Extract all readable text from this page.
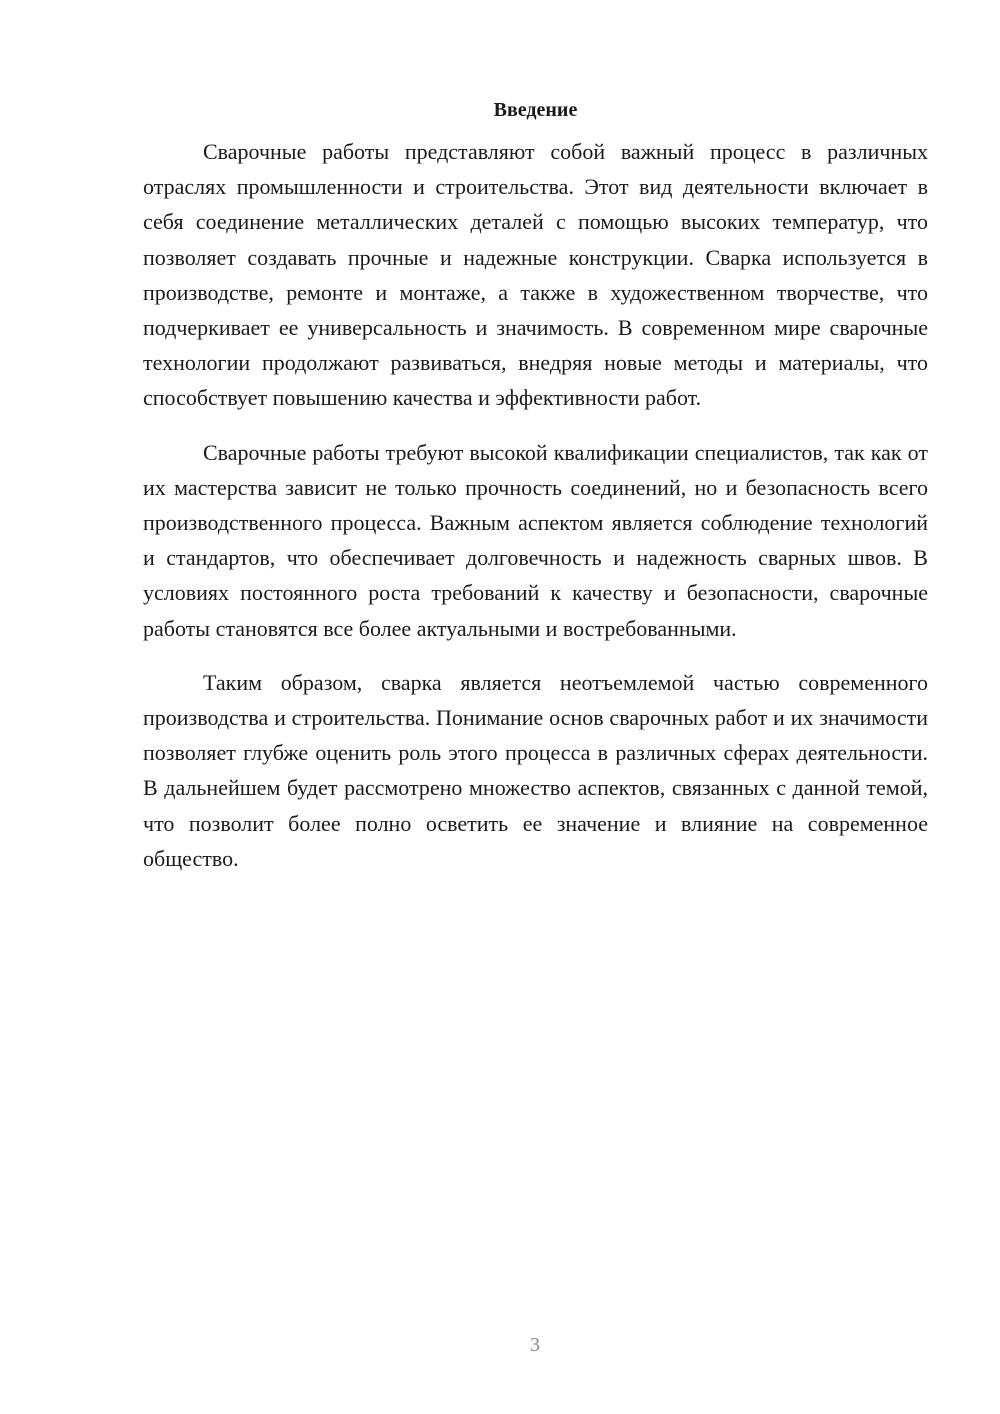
Введение

Сварочные работы представляют собой важный процесс в различных отраслях промышленности и строительства. Этот вид деятельности включает в себя соединение металлических деталей с помощью высоких температур, что позволяет создавать прочные и надежные конструкции. Сварка используется в производстве, ремонте и монтаже, а также в художественном творчестве, что подчеркивает ее универсальность и значимость. В современном мире сварочные технологии продолжают развиваться, внедряя новые методы и материалы, что способствует повышению качества и эффективности работ.

Сварочные работы требуют высокой квалификации специалистов, так как от их мастерства зависит не только прочность соединений, но и безопасность всего производственного процесса. Важным аспектом является соблюдение технологий и стандартов, что обеспечивает долговечность и надежность сварных швов. В условиях постоянного роста требований к качеству и безопасности, сварочные работы становятся все более актуальными и востребованными.

Таким образом, сварка является неотъемлемой частью современного производства и строительства. Понимание основ сварочных работ и их значимости позволяет глубже оценить роль этого процесса в различных сферах деятельности. В дальнейшем будет рассмотрено множество аспектов, связанных с данной темой, что позволит более полно осветить ее значение и влияние на современное общество.

3
